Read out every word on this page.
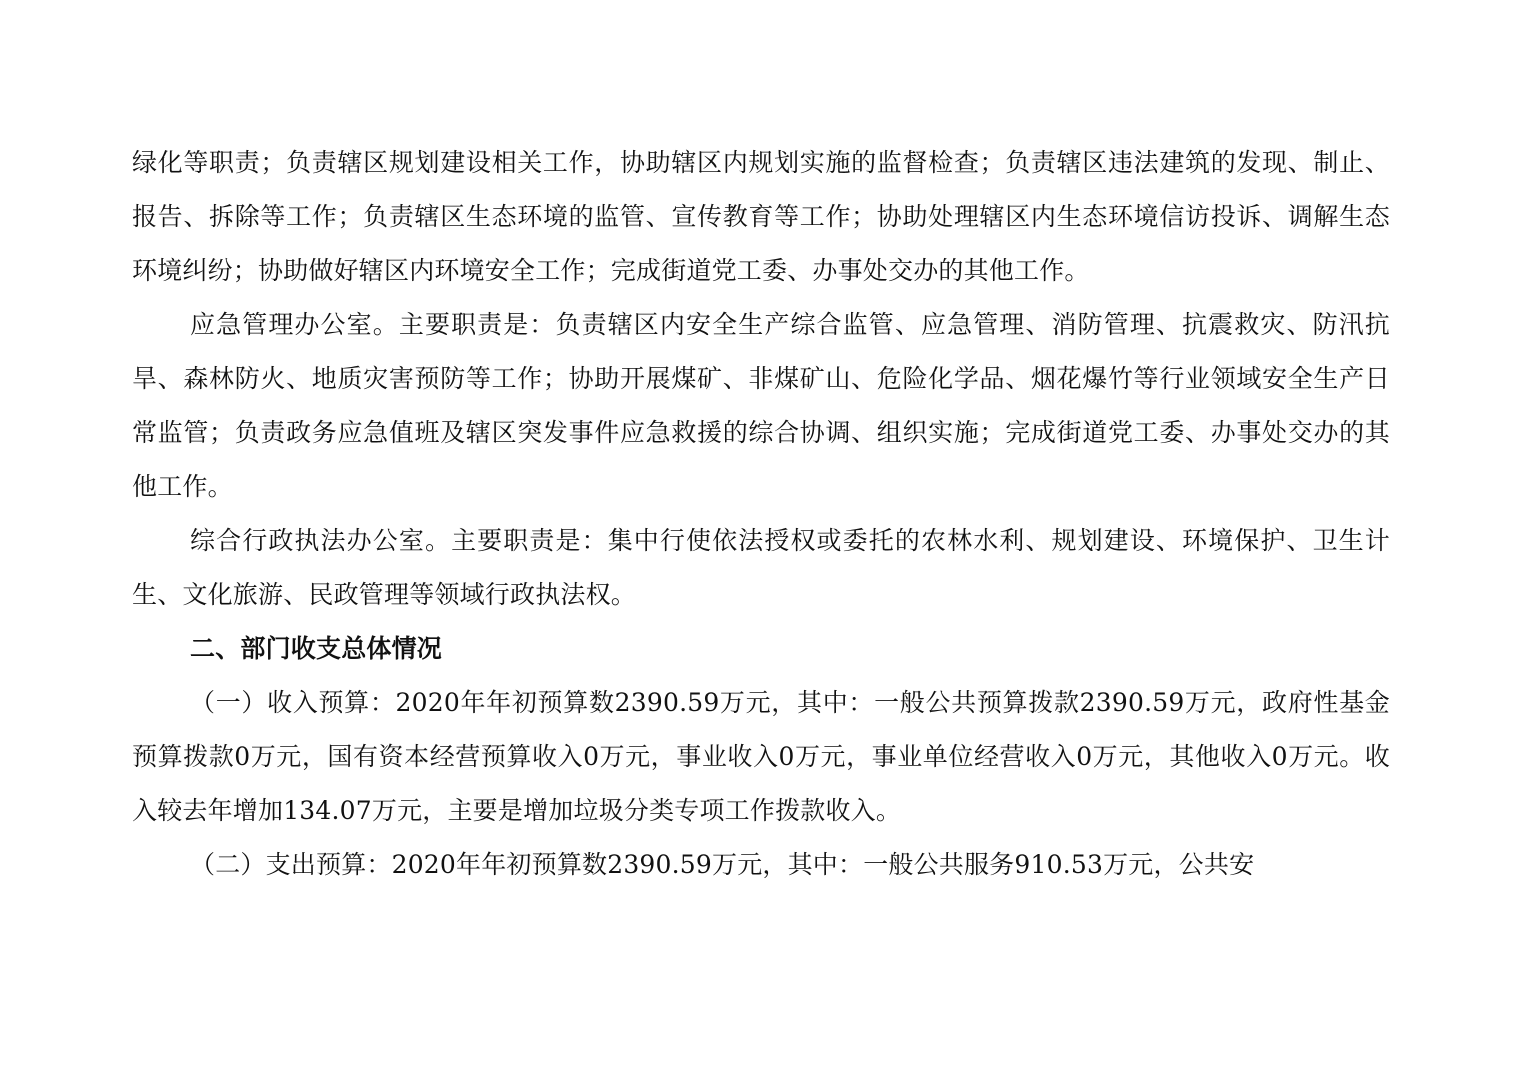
绿化等职责；负责辖区规划建设相关工作，协助辖区内规划实施的监督检查；负责辖区违法建筑的发现、制止、报告、拆除等工作；负责辖区生态环境的监管、宣传教育等工作；协助处理辖区内生态环境信访投诉、调解生态环境纠纷；协助做好辖区内环境安全工作；完成街道党工委、办事处交办的其他工作。

应急管理办公室。主要职责是：负责辖区内安全生产综合监管、应急管理、消防管理、抗震救灾、防汛抗旱、森林防火、地质灾害预防等工作；协助开展煤矿、非煤矿山、危险化学品、烟花爆竹等行业领域安全生产日常监管；负责政务应急值班及辖区突发事件应急救援的综合协调、组织实施；完成街道党工委、办事处交办的其他工作。

综合行政执法办公室。主要职责是：集中行使依法授权或委托的农林水利、规划建设、环境保护、卫生计生、文化旅游、民政管理等领域行政执法权。

二、部门收支总体情况

（一）收入预算：2020年年初预算数2390.59万元，其中：一般公共预算拨款2390.59万元，政府性基金预算拨款0万元，国有资本经营预算收入0万元，事业收入0万元，事业单位经营收入0万元，其他收入0万元。收入较去年增加134.07万元，主要是增加垃圾分类专项工作拨款收入。

（二）支出预算：2020年年初预算数2390.59万元，其中：一般公共服务910.53万元，公共安
